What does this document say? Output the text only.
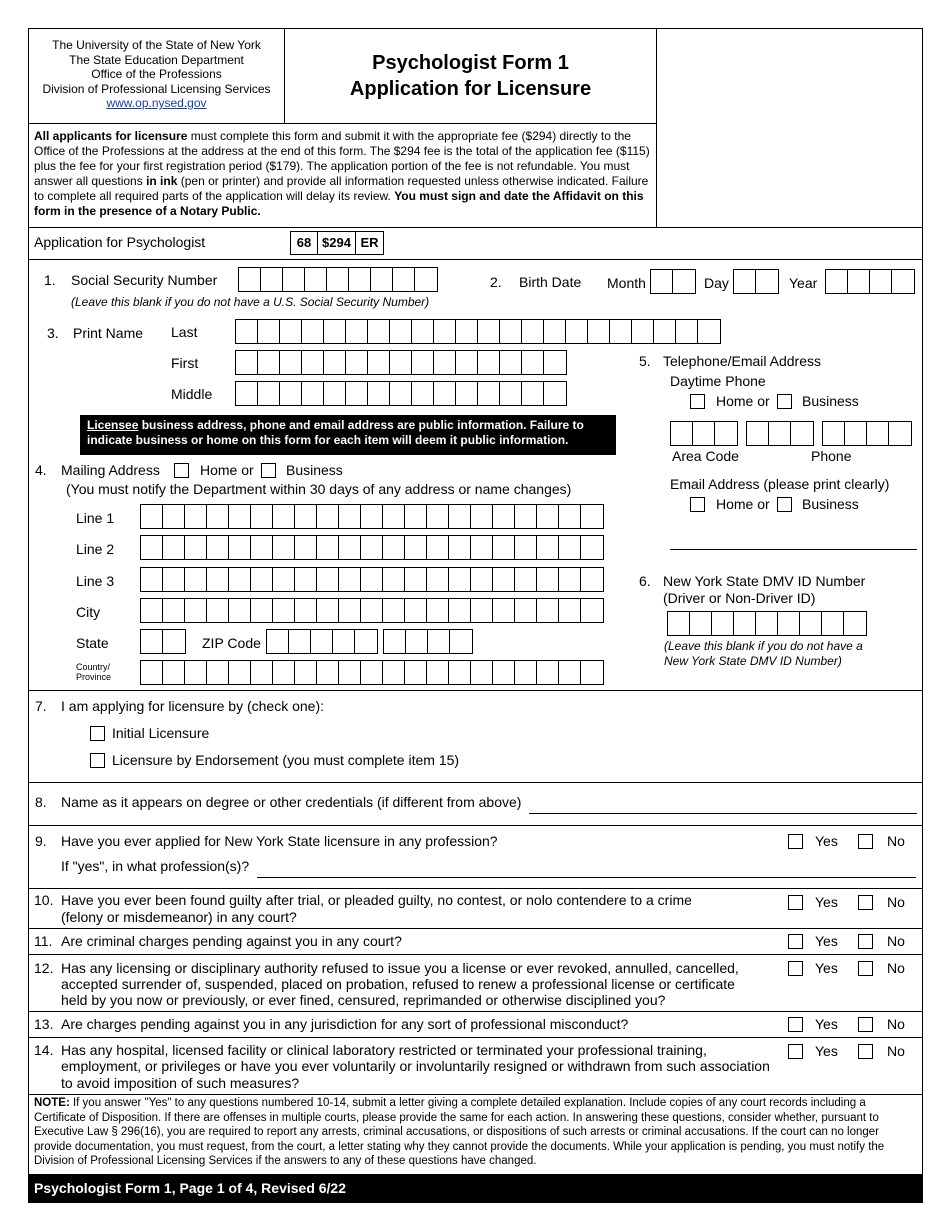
The University of the State of New York
The State Education Department
Office of the Professions
Division of Professional Licensing Services
www.op.nysed.gov
Psychologist Form 1
Application for Licensure
All applicants for licensure must complete this form and submit it with the appropriate fee ($294) directly to the Office of the Professions at the address at the end of this form. The $294 fee is the total of the application fee ($115) plus the fee for your first registration period ($179). The application portion of the fee is not refundable. You must answer all questions in ink (pen or printer) and provide all information requested unless otherwise indicated. Failure to complete all required parts of the application will delay its review. You must sign and date the Affidavit on this form in the presence of a Notary Public.
Application for Psychologist	68 $294 ER
1. Social Security Number
(Leave this blank if you do not have a U.S. Social Security Number)
2. Birth Date Month	Day	Year
3. Print Name Last
First
Middle
Licensee business address, phone and email address are public information. Failure to indicate business or home on this form for each item will deem it public information.
4. Mailing Address	Home or Business
(You must notify the Department within 30 days of any address or name changes)
Line 1
Line 2
Line 3
City
State	ZIP Code
Country/
Province
5. Telephone/Email Address
Daytime Phone
Home or Business
Area Code	Phone
Email Address (please print clearly)
Home or Business
6. New York State DMV ID Number
(Driver or Non-Driver ID)
(Leave this blank if you do not have a
New York State DMV ID Number)
7. I am applying for licensure by (check one):
Initial Licensure
Licensure by Endorsement (you must complete item 15)
8. Name as it appears on degree or other credentials (if different from above)
9. Have you ever applied for New York State licensure in any profession?	Yes	No
If "yes", in what profession(s)?
10. Have you ever been found guilty after trial, or pleaded guilty, no contest, or nolo contendere to a crime
(felony or misdemeanor) in any court?
Yes	No
11. Are criminal charges pending against you in any court?	Yes	No
12. Has any licensing or disciplinary authority refused to issue you a license or ever revoked, annulled, cancelled,
accepted surrender of, suspended, placed on probation, refused to renew a professional license or certificate
held by you now or previously, or ever fined, censured, reprimanded or otherwise disciplined you?
Yes	No
13. Are charges pending against you in any jurisdiction for any sort of professional misconduct?	Yes	No
14. Has any hospital, licensed facility or clinical laboratory restricted or terminated your professional training,
employment, or privileges or have you ever voluntarily or involuntarily resigned or withdrawn from such association
to avoid imposition of such measures?
Yes	No
NOTE: If you answer "Yes" to any questions numbered 10-14, submit a letter giving a complete detailed explanation. Include copies of any court records including a Certificate of Disposition. If there are offenses in multiple courts, please provide the same for each action. In answering these questions, consider whether, pursuant to Executive Law § 296(16), you are required to report any arrests, criminal accusations, or dispositions of such arrests or criminal accusations. If the court can no longer provide documentation, you must request, from the court, a letter stating why they cannot provide the documents. While your application is pending, you must notify the Division of Professional Licensing Services if the answers to any of these questions have changed.
Psychologist Form 1, Page 1 of 4, Revised 6/22
